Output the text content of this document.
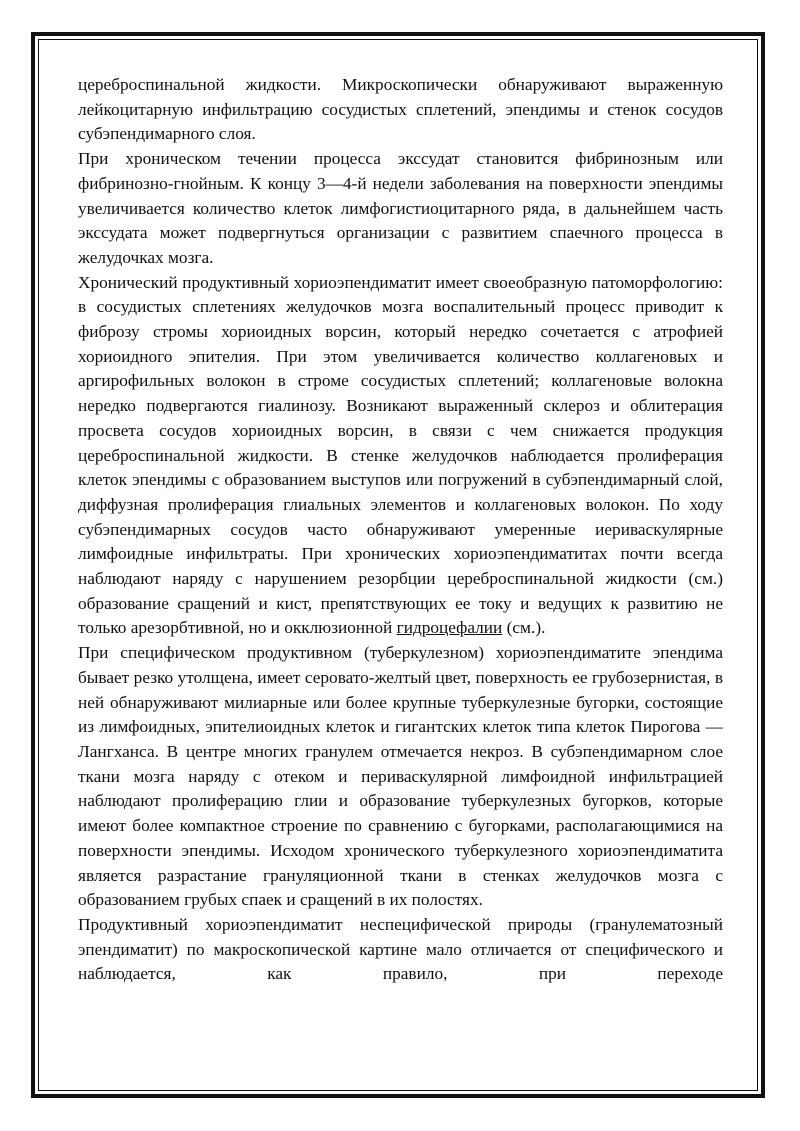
цереброспинальной жидкости. Микроскопически обнаруживают выраженную лейкоцитарную инфильтрацию сосудистых сплетений, эпендимы и стенок сосудов субэпендимарного слоя.

При хроническом течении процесса экссудат становится фибринозным или фибринозно-гнойным. К концу 3—4-й недели заболевания на поверхности эпендимы увеличивается количество клеток лимфогистиоцитарного ряда, в дальнейшем часть экссудата может подвергнуться организации с развитием спаечного процесса в желудочках мозга.

Хронический продуктивный хориоэпендиматит имеет своеобразную патоморфологию: в сосудистых сплетениях желудочков мозга воспалительный процесс приводит к фиброзу стромы хориоидных ворсин, который нередко сочетается с атрофией хориоидного эпителия. При этом увеличивается количество коллагеновых и аргирофильных волокон в строме сосудистых сплетений; коллагеновые волокна нередко подвергаются гиалинозу. Возникают выраженный склероз и облитерация просвета сосудов хориоидных ворсин, в связи с чем снижается продукция цереброспинальной жидкости. В стенке желудочков наблюдается пролиферация клеток эпендимы с образованием выступов или погружений в субэпендимарный слой, диффузная пролиферация глиальных элементов и коллагеновых волокон. По ходу субэпендимарных сосудов часто обнаруживают умеренные иериваскулярные лимфоидные инфильтраты. При хронических хориоэпендиматитах почти всегда наблюдают наряду с нарушением резорбции цереброспинальной жидкости (см.) образование сращений и кист, препятствующих ее току и ведущих к развитию не только арезорбтивной, но и окклюзионной гидроцефалии (см.).

При специфическом продуктивном (туберкулезном) хориоэпендиматите эпендима бывает резко утолщена, имеет серовато-желтый цвет, поверхность ее грубозернистая, в ней обнаруживают милиарные или более крупные туберкулезные бугорки, состоящие из лимфоидных, эпителиоидных клеток и гигантских клеток типа клеток Пирогова — Лангханса. В центре многих гранулем отмечается некроз. В субэпендимарном слое ткани мозга наряду с отеком и периваскулярной лимфоидной инфильтрацией наблюдают пролиферацию глии и образование туберкулезных бугорков, которые имеют более компактное строение по сравнению с бугорками, располагающимися на поверхности эпендимы. Исходом хронического туберкулезного хориоэпендиматита является разрастание грануляционной ткани в стенках желудочков мозга с образованием грубых спаек и сращений в их полостях.

Продуктивный хориоэпендиматит неспецифической природы (гранулематозный эпендиматит) по макроскопической картине мало отличается от специфического и наблюдается, как правило, при переходе
